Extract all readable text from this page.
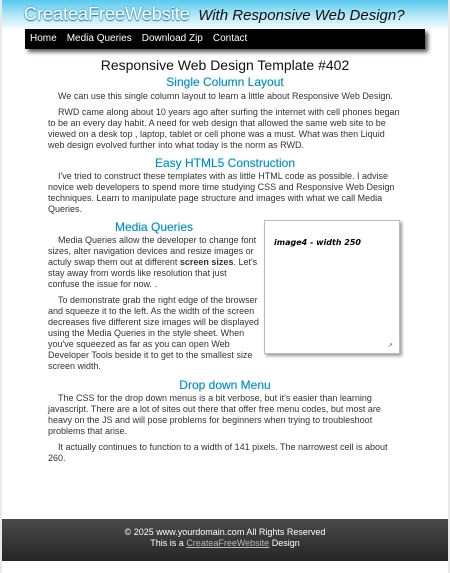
CreateaFreeWebsite With Responsive Web Design?
Home	Media Queries	Download Zip	Contact
Responsive Web Design Template #402
Single Column Layout

We can use this single column layout to learn a little about Responsive Web Design.

RWD came along about 10 years ago after surfing the internet with cell phones began to be an every day habit. A need for web design that allowed the same web site to be viewed on a desk top , laptop, tablet or cell phone was a must. What was then Liquid web design evolved further into what today is the norm as RWD.

Easy HTML5 Construction

I've tried to construct these templates with as little HTML code as possible. I advise novice web developers to spend more time studying CSS and Responsive Web Design techniques. Learn to manipulate page structure and images with what we call Media Queries.

Media Queries

Media Queries allow the developer to change font sizes, alter navigation devices and resize images or actuly swap them out at different screen sizes. Let's stay away from words like resolution that just confuse the issue for now. .

To demonstrate grab the right edge of the browser and squeeze it to the left. As the width of the screen decreases five different size images will be displayed using the Media Queries in the style sheet. When you've squeezed as far as you can open Web Developer Tools beside it to get to the smallest size screen width.

image4 - width 250
↗
Drop down Menu

The CSS for the drop down menus is a bit verbose, but it's easier than learning javascript. There are a lot of sites out there that offer free menu codes, but most are heavy on the JS and will pose problems for beginners when trying to troubleshoot problems that arise.

It actually continues to function to a width of 141 pixels. The narrowest cell is about 260.

© 2025 www.yourdomain.com All Rights Reserved
This is a CreateaFreeWebsite Design
